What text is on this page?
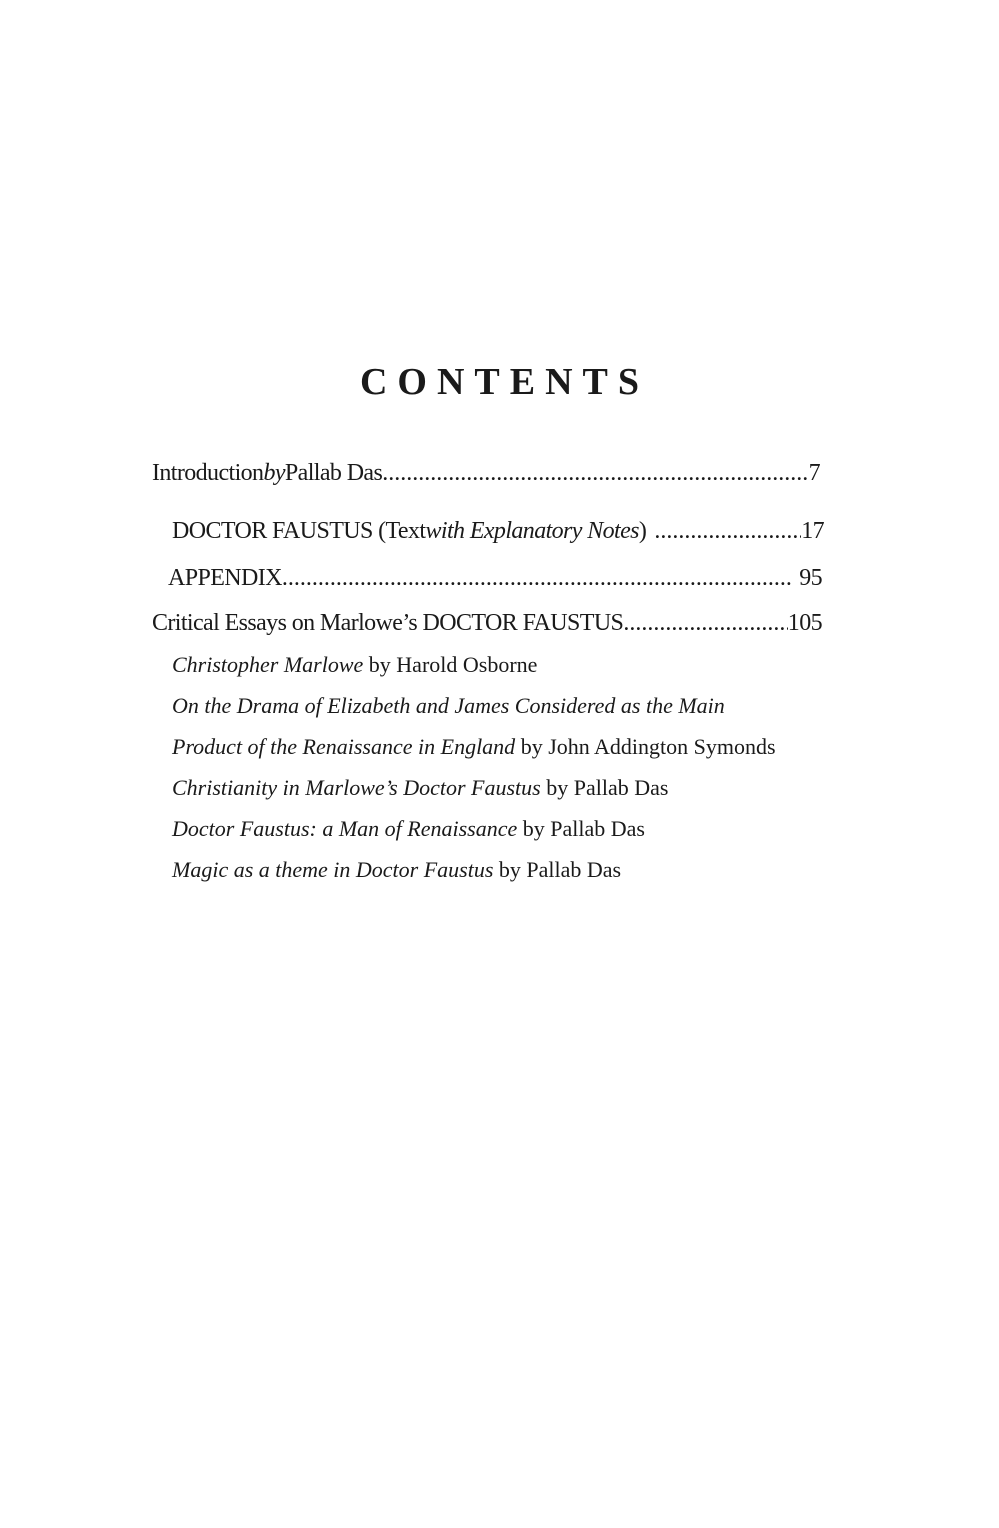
CONTENTS
Introduction by Pallab Das . . .	7
DOCTOR FAUSTUS (Text with Explanatory Notes ) . . .	17
APPENDIX . . .	95
Critical Essays on Marlowe’s DOCTOR FAUSTUS . . .	105
Christopher Marlowe by Harold Osborne
On the Drama of Elizabeth and James Considered as the Main
Product of the Renaissance in England by John Addington Symonds
Christianity in Marlowe’s Doctor Faustus by Pallab Das
Doctor Faustus: a Man of Renaissance by Pallab Das
Magic as a theme in Doctor Faustus by Pallab Das
